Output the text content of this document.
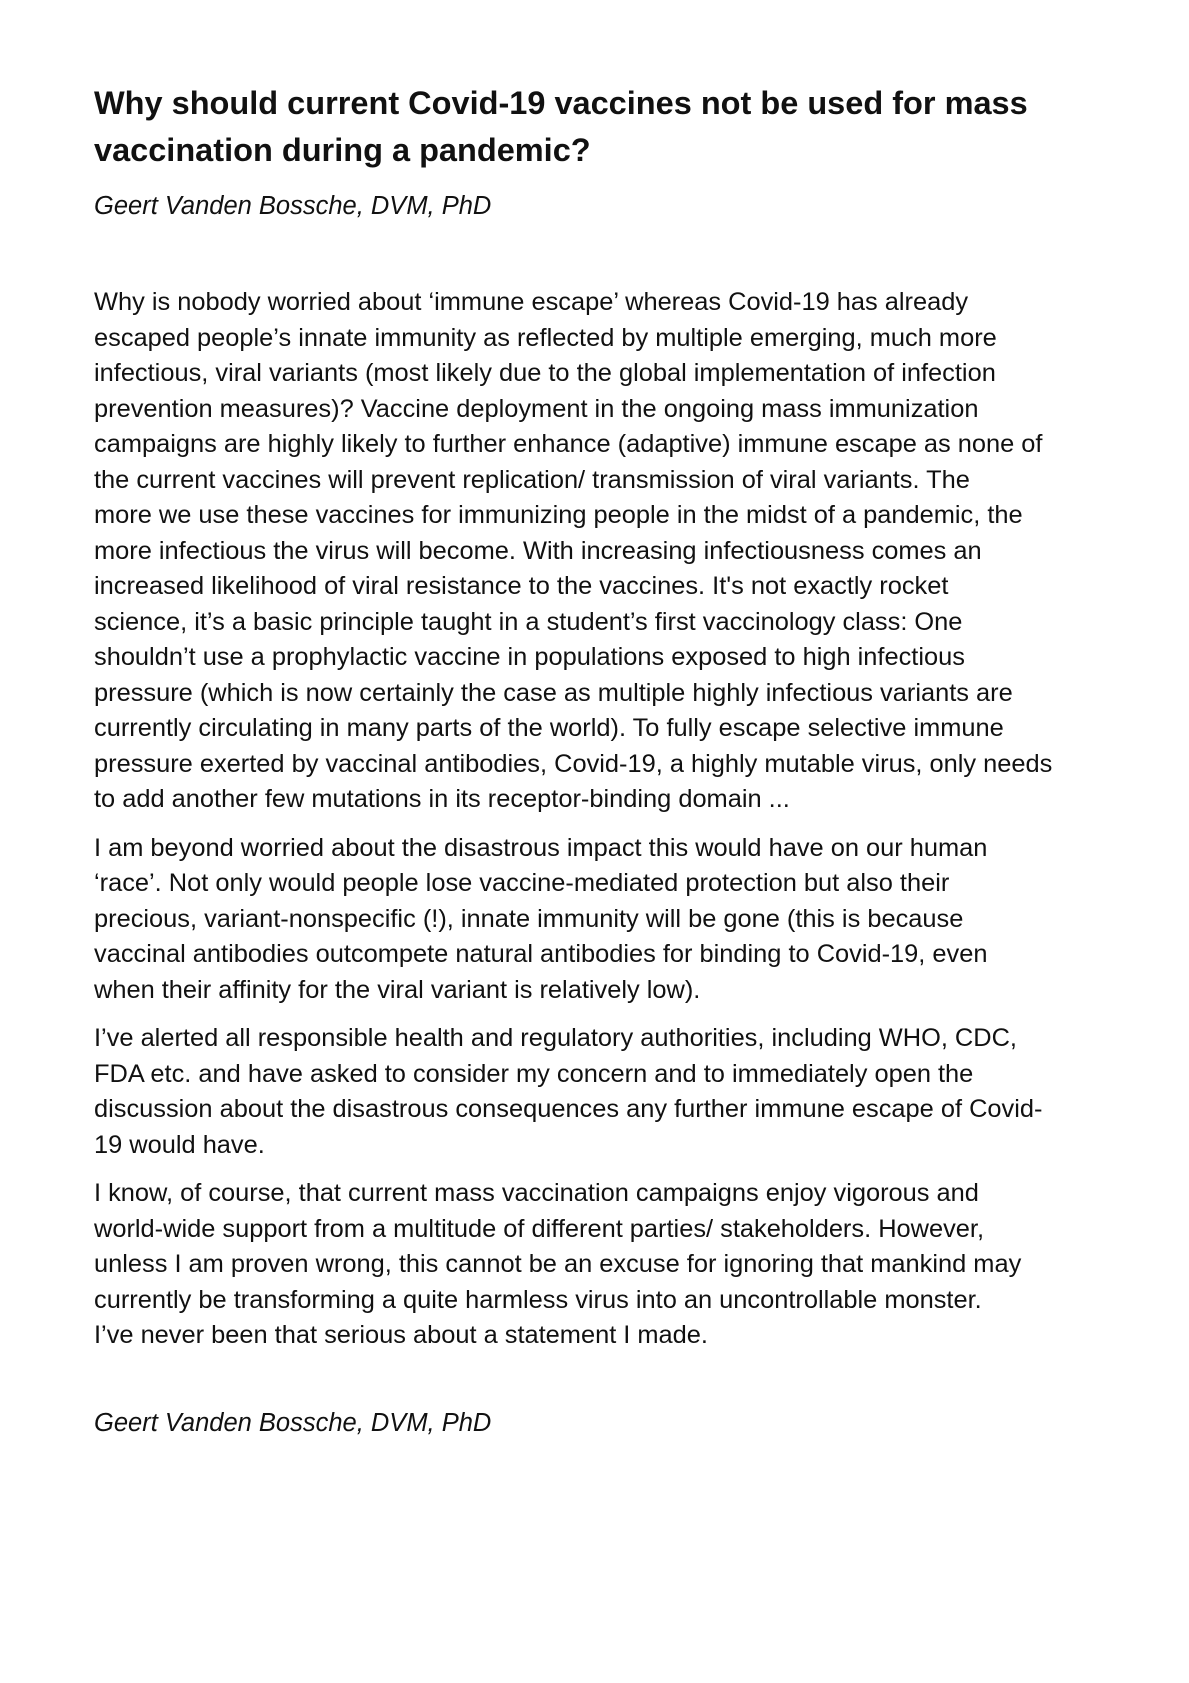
Why should current Covid-19 vaccines not be used for mass
vaccination during a pandemic?

Geert Vanden Bossche, DVM, PhD

Why is nobody worried about ‘immune escape’ whereas Covid-19 has already
escaped people’s innate immunity as reflected by multiple emerging, much more
infectious, viral variants (most likely due to the global implementation of infection
prevention measures)? Vaccine deployment in the ongoing mass immunization
campaigns are highly likely to further enhance (adaptive) immune escape as none of
the current vaccines will prevent replication/ transmission of viral variants. The
more we use these vaccines for immunizing people in the midst of a pandemic, the
more infectious the virus will become. With increasing infectiousness comes an
increased likelihood of viral resistance to the vaccines. It's not exactly rocket
science, it’s a basic principle taught in a student’s first vaccinology class: One
shouldn’t use a prophylactic vaccine in populations exposed to high infectious
pressure (which is now certainly the case as multiple highly infectious variants are
currently circulating in many parts of the world). To fully escape selective immune
pressure exerted by vaccinal antibodies, Covid-19, a highly mutable virus, only needs
to add another few mutations in its receptor-binding domain ...

I am beyond worried about the disastrous impact this would have on our human
‘race’. Not only would people lose vaccine-mediated protection but also their
precious, variant-nonspecific (!), innate immunity will be gone (this is because
vaccinal antibodies outcompete natural antibodies for binding to Covid-19, even
when their affinity for the viral variant is relatively low).

I’ve alerted all responsible health and regulatory authorities, including WHO, CDC,
FDA etc. and have asked to consider my concern and to immediately open the
discussion about the disastrous consequences any further immune escape of Covid-
19 would have.

I know, of course, that current mass vaccination campaigns enjoy vigorous and
world-wide support from a multitude of different parties/ stakeholders. However,
unless I am proven wrong, this cannot be an excuse for ignoring that mankind may
currently be transforming a quite harmless virus into an uncontrollable monster.
I’ve never been that serious about a statement I made.

Geert Vanden Bossche, DVM, PhD
